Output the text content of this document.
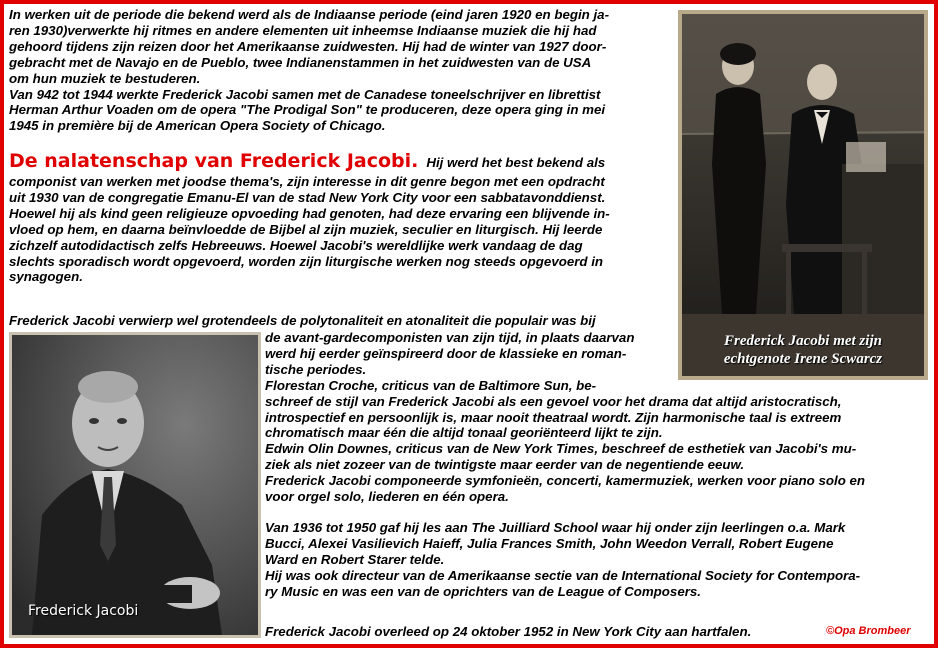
In werken uit de periode die bekend werd als de Indiaanse periode (eind jaren 1920 en begin ja-
ren 1930)verwerkte hij ritmes en andere elementen uit inheemse Indiaanse muziek die hij had
gehoord tijdens zijn reizen door het Amerikaanse zuidwesten. Hij had de winter van 1927 door-
gebracht met de Navajo en de Pueblo, twee Indianenstammen in het zuidwesten van de USA
om hun muziek te bestuderen.
Van 942 tot 1944 werkte Frederick Jacobi samen met de Canadese toneelschrijver en librettist
Herman Arthur Voaden om de opera "The Prodigal Son" te produceren, deze opera ging in mei
1945 in première bij de American Opera Society of Chicago.
De nalatenschap van Frederick Jacobi. Hij werd het best bekend als
componist van werken met joodse thema's, zijn interesse in dit genre begon met een opdracht
uit 1930 van de congregatie Emanu-El van de stad New York City voor een sabbatavonddienst.
Hoewel hij als kind geen religieuze opvoeding had genoten, had deze ervaring een blijvende in-
vloed op hem, en daarna beïnvloedde de Bijbel al zijn muziek, seculier en liturgisch. Hij leerde
zichzelf autodidactisch zelfs Hebreeuws. Hoewel Jacobi's wereldlijke werk vandaag de dag
slechts sporadisch wordt opgevoerd, worden zijn liturgische werken nog steeds opgevoerd in
synagogen.
Frederick Jacobi verwierp wel grotendeels de polytonaliteit en atonaliteit die populair was bij
Frederick Jacobi met zijn
echtgenote Irene Scwarcz
Frederick Jacobi
de avant-gardecomponisten van zijn tijd, in plaats daarvan
werd hij eerder geïnspireerd door de klassieke en roman-
tische periodes.
Florestan Croche, criticus van de Baltimore Sun, be-
schreef de stijl van Frederick Jacobi als een gevoel voor het drama dat altijd aristocratisch,
introspectief en persoonlijk is, maar nooit theatraal wordt. Zijn harmonische taal is extreem
chromatisch maar één die altijd tonaal georiënteerd lijkt te zijn.
Edwin Olin Downes, criticus van de New York Times, beschreef de esthetiek van Jacobi's mu-
ziek als niet zozeer van de twintigste maar eerder van de negentiende eeuw.
Frederick Jacobi componeerde symfonieën, concerti, kamermuziek, werken voor piano solo en
voor orgel solo, liederen en één opera.
Van 1936 tot 1950 gaf hij les aan The Juilliard School waar hij onder zijn leerlingen o.a. Mark
Bucci, Alexei Vasilievich Haieff, Julia Frances Smith, John Weedon Verrall, Robert Eugene
Ward en Robert Starer telde.
Hij was ook directeur van de Amerikaanse sectie van de International Society for Contempora-
ry Music en was een van de oprichters van de League of Composers.
Frederick Jacobi overleed op 24 oktober 1952 in New York City aan hartfalen.	©Opa Brombeer
